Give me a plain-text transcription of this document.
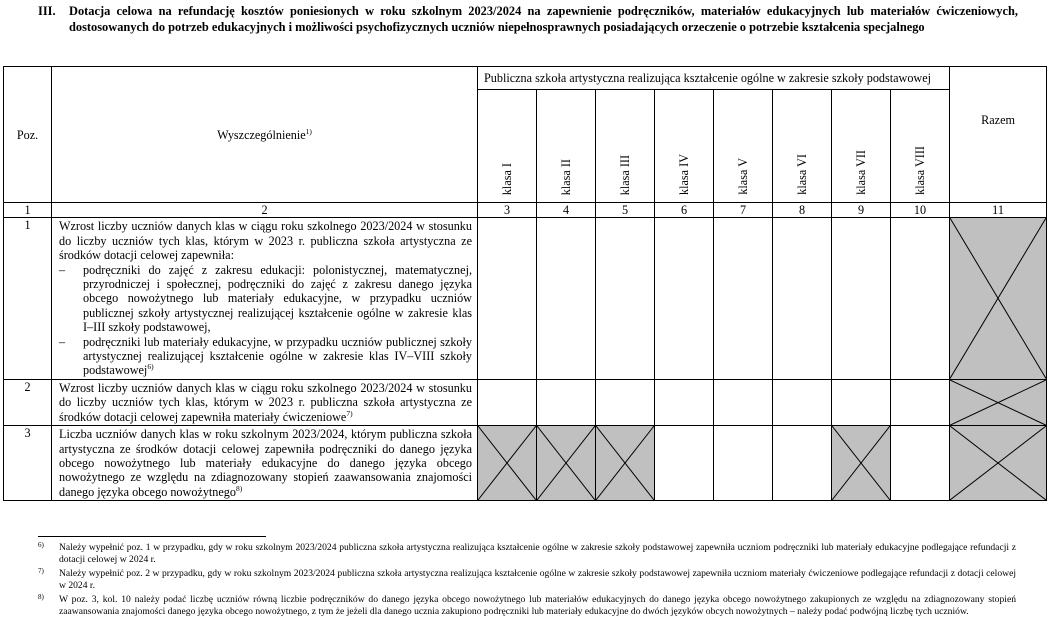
III. Dotacja celowa na refundację kosztów poniesionych w roku szkolnym 2023/2024 na zapewnienie podręczników, materiałów edukacyjnych lub materiałów ćwiczeniowych, dostosowanych do potrzeb edukacyjnych i możliwości psychofizycznych uczniów niepełnosprawnych posiadających orzeczenie o potrzebie kształcenia specjalnego
Poz.	Wyszczególnienie$^{1)}$	Publiczna szkoła artystyczna realizująca kształcenie ogólne w zakresie szkoły podstawowej								Razem
		klasa I	klasa II	klasa III	klasa IV	klasa V	klasa VI	klasa VII	klasa VIII	
1	2	3	4	5	6	7	8	9	10	11
1	Wzrost liczby uczniów danych klas w ciągu roku szkolnego 2023/2024 w stosunku do liczby uczniów tych klas, którym w 2023 r. publiczna szkoła artystyczna ze środków dotacji celowej zapewniła:
– podręczniki do zajęć z zakresu edukacji: polonistycznej, matematycznej, przyrodniczej i społecznej, podręczniki do zajęć z zakresu danego języka obcego nowożytnego lub materiały edukacyjne, w przypadku uczniów publicznej szkoły artystycznej realizującej kształcenie ogólne w zakresie klas I–III szkoły podstawowej,
– podręczniki lub materiały edukacyjne, w przypadku uczniów publicznej szkoły artystycznej realizującej kształcenie ogólne w zakresie klas IV–VIII szkoły podstawowej$^{6)}$

2	Wzrost liczby uczniów danych klas w ciągu roku szkolnego 2023/2024 w stosunku do liczby uczniów tych klas, którym w 2023 r. publiczna szkoła artystyczna ze środków dotacji celowej zapewniła materiały ćwiczeniowe$^{7)}$									

3	Liczba uczniów danych klas w roku szkolnym 2023/2024, którym publiczna szkoła artystyczna ze środków dotacji celowej zapewniła podręczniki do danego języka obcego nowożytnego lub materiały edukacyjne do danego języka obcego nowożytnego ze względu na zdiagnozowany stopień zaawansowania znajomości danego języka obcego nowożytnego$^{8)}$	

6) Należy wypełnić poz. 1 w przypadku, gdy w roku szkolnym 2023/2024 publiczna szkoła artystyczna realizująca kształcenie ogólne w zakresie szkoły podstawowej zapewniła uczniom podręczniki lub materiały edukacyjne podlegające refundacji z dotacji celowej w 2024 r.
7) Należy wypełnić poz. 2 w przypadku, gdy w roku szkolnym 2023/2024 publiczna szkoła artystyczna realizująca kształcenie ogólne w zakresie szkoły podstawowej zapewniła uczniom materiały ćwiczeniowe podlegające refundacji z dotacji celowej w 2024 r.
8) W poz. 3, kol. 10 należy podać liczbę uczniów równą liczbie podręczników do danego języka obcego nowożytnego lub materiałów edukacyjnych do danego języka obcego nowożytnego zakupionych ze względu na zdiagnozowany stopień zaawansowania znajomości danego języka obcego nowożytnego, z tym że jeżeli dla danego ucznia zakupiono podręczniki lub materiały edukacyjne do dwóch języków obcych nowożytnych – należy podać podwójną liczbę tych uczniów.
